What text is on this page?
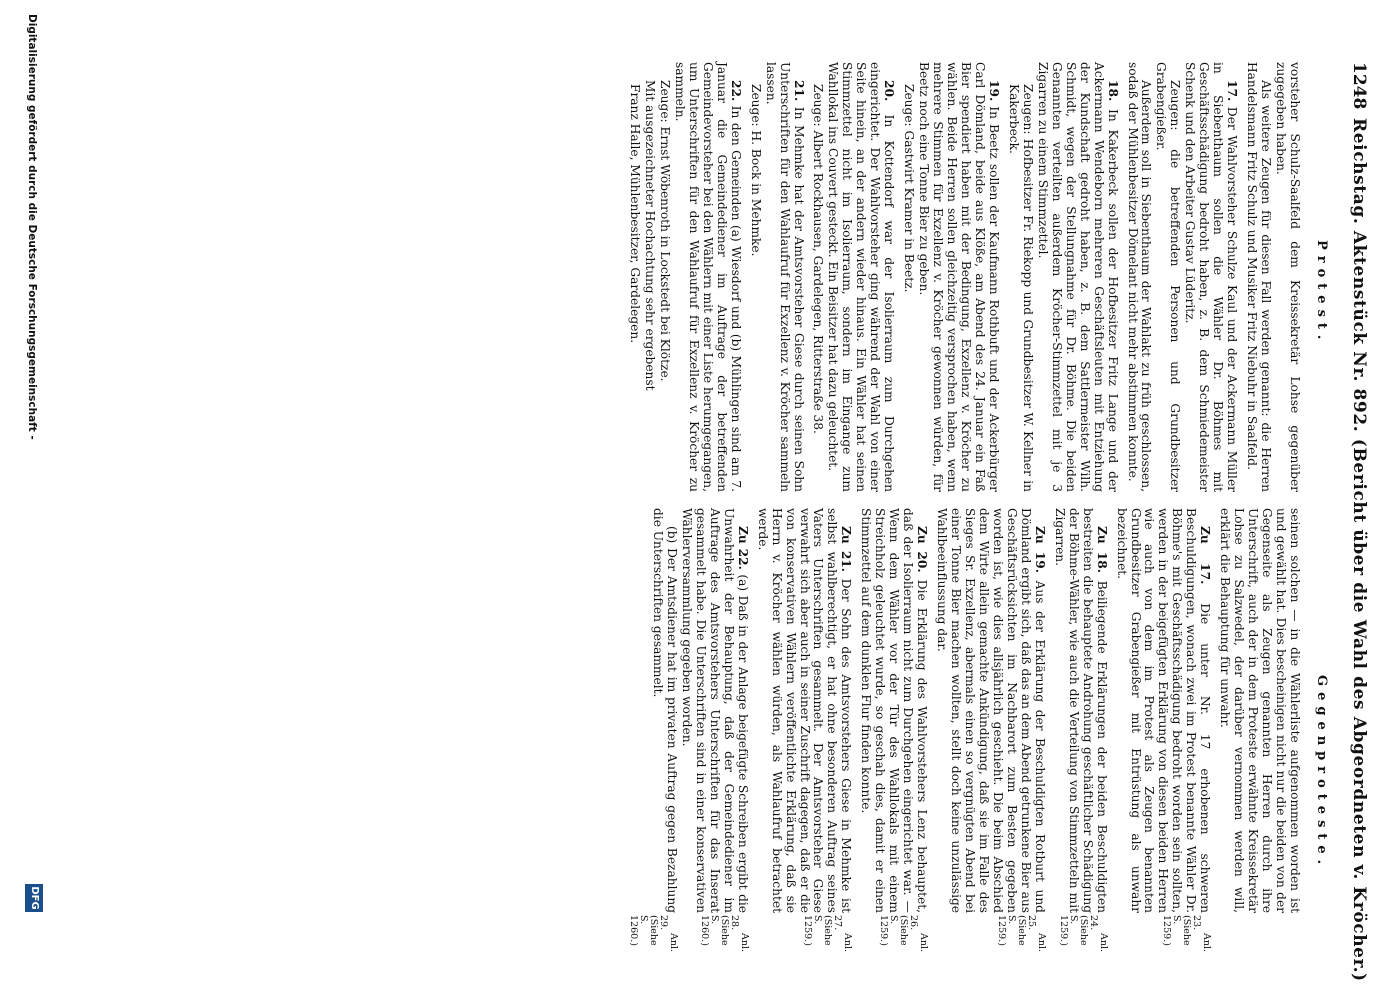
1248
Reichstag. Aktenstück Nr. 892. (Bericht über die Wahl des Abgeordneten v. Kröcher.)
Protest.
Gegenproteste.

vorsteher Schulz-Saalfeld dem Kreissekretär Lohse gegenüber zugegeben haben.

Als weitere Zeugen für diesen Fall werden genannt: die Herren Handelsmann Fritz Schulz und Musiker Fritz Niebuhr in Saalfeld.

17. Der Wahlvorsteher Schulze Kaul und der Ackermann Müller in Siebenthaum sollen die Wähler Dr. Böhmes mit Geschäftsschädigung bedroht haben, z. B. dem Schmiedemeister Schenk und den Arbeiter Gustav Lüderitz.

Zeugen: die betreffenden Personen und Grundbesitzer Grabengießer.

Außerdem soll in Siebenthaum der Wahlakt zu früh geschlossen, sodaß der Mühlenbesitzer Dömelant nicht mehr abstimmen konnte.

18. In Kakerbeck sollen der Hofbesitzer Fritz Lange und der Ackermann Wendeborn mehreren Geschäftsleuten mit Entziehung der Kundschaft gedroht haben, z. B. dem Sattlermeister Wilh. Schmidt, wegen der Stellungnahme für Dr. Böhme. Die beiden Genannten verteilten außerdem Kröcher-Stimmzettel mit je 3 Zigarren zu einem Stimmzettel.

Zeugen: Hofbesitzer Fr. Riekopp und Grundbesitzer W. Kellner in Kakerbeck.

19. In Beetz sollen der Kaufmann Rothbuft und der Ackerbürger Carl Dömland, beide aus Klöße, am Abend des 24. Januar ein Faß Bier spendiert haben mit der Bedingung, Exzellenz v. Kröcher zu wählen. Beide Herren sollen gleichzeitig versprochen haben, wenn mehrere Stimmen für Exzellenz v. Kröcher gewonnen würden, für Beetz noch eine Tonne Bier zu geben.

Zeuge: Gastwirt Kramer in Beetz.

20. In Kottendorf war der Isolierraum zum Durchgehen eingerichtet. Der Wahlvorsteher ging während der Wahl von einer Seite hinein, an der andern wieder hinaus. Ein Wähler hat seinen Stimmzettel nicht im Isolierraum, sondern im Eingange zum Wahllokal ins Couvert gesteckt. Ein Beisitzer hat dazu geleuchtet.

Zeuge: Albert Rockhausen, Gardelegen, Ritterstraße 38.

21. In Mehmke hat der Amtsvorsteher Giese durch seinen Sohn Unterschriften für den Wahlaufruf für Exzellenz v. Kröcher sammeln lassen.

Zeuge: H. Bock in Mehmke.

22. In den Gemeinden (a) Wiesdorf und (b) Mühlingen sind am 7. Januar die Gemeindediener im Auftrage der betreffenden Gemeindevorsteher bei den Wählern mit einer Liste herumgegangen, um Unterschriften für den Wahlaufruf für Exzellenz v. Kröcher zu sammeln.

Zeuge: Ernst Wöbenroth in Lockstedt bei Klötze.

Mit ausgezeichneter Hochachtung sehr ergebenst

Franz Halle, Mühlenbesitzer, Gardelegen.

seinen solchen — in die Wählerliste aufgenommen worden ist und gewählt hat. Dies bescheinigen nicht nur die beiden von der Gegenseite als Zeugen genannten Herren durch ihre Unterschrift, auch der in dem Proteste erwähnte Kreissekretär Lohse zu Salzwedel, der darüber vernommen werden will, erklärt die Behauptung für unwahr.

Zu 17. Die unter Nr. 17 erhobenen schweren Beschuldigungen, wonach zwei im Protest benannte Wähler Dr. Böhme's mit Geschäftsschädigung bedroht worden sein sollten, werden in der beigefügten Erklärung von diesen beiden Herren wie auch von dem im Protest als Zeugen benannten Grundbesitzer Grabengießer mit Entrüstung als unwahr bezeichnet.
Anl. 23. (Siehe S. 1259.)

Zu 18. Beiliegende Erklärungen der beiden Beschuldigten bestreiten die behauptete Androhung geschäftlicher Schädigung der Böhme-Wähler, wie auch die Verteilung von Stimmzetteln mit Zigarren.
Anl. 24. (Siehe S. 1259.)

Zu 19. Aus der Erklärung der Beschuldigten Rotburt und Dömland ergibt sich, daß das an dem Abend getrunkene Bier aus Geschäftsrücksichten im Nachbarort zum Besten gegeben worden ist, wie dies allsjährlich geschieht. Die beim Abschied dem Wirte allein gemachte Ankündigung, daß sie im Falle des Sieges Sr. Exzellenz, abermals einen so vergnügten Abend bei einer Tonne Bier machen wollten, stellt doch keine unzulässige Wahlbeeinflussung dar.
Anl. 25. (Siehe S. 1259.)

Zu 20. Die Erklärung des Wahlvorstehers Lenz behauptet, daß der Isolierraum nicht zum Durchgehen eingerichtet war. — Wenn dem Wähler vor der Tür des Wahllokals mit einem Streichholz geleuchtet wurde, so geschah dies, damit er einen Stimmzettel auf dem dunklen Flur finden konnte.
Anl. 26. (Siehe S. 1259.)

Zu 21. Der Sohn des Amtsvorstehers Giese in Mehmke ist selbst wahlberechtigt, er hat ohne besonderen Auftrag seines Vaters Unterschriften gesammelt. Der Amtsvorsteher Giese verwahrt sich aber auch in seiner Zuschrift dagegen, daß er die von konservativen Wählern veröffentlichte Erklärung, daß sie Herrn v. Kröcher wählen würden, als Wahlaufruf betrachtet werde.
Anl. 27. (Siehe S. 1259.)

Zu 22. (a) Daß in der Anlage beigefügte Schreiben ergibt die Unwahrheit der Behauptung, daß der Gemeindediener im Auftrage des Amtsvorstehers Unterschriften für das Inserat gesammelt habe. Die Unterschriften sind in einer konservativen Wählerversammlung gegeben worden.
Anl. 28. (Siehe S. 1260.)

(b) Der Amtsdiener hat im privaten Auftrag gegen Bezahlung die Unterschriften gesammelt.
Anl. 29. (Siehe S. 1260.)

Digitalisierung gefördert durch die Deutsche Forschungsgemeinschaft -
DFG
